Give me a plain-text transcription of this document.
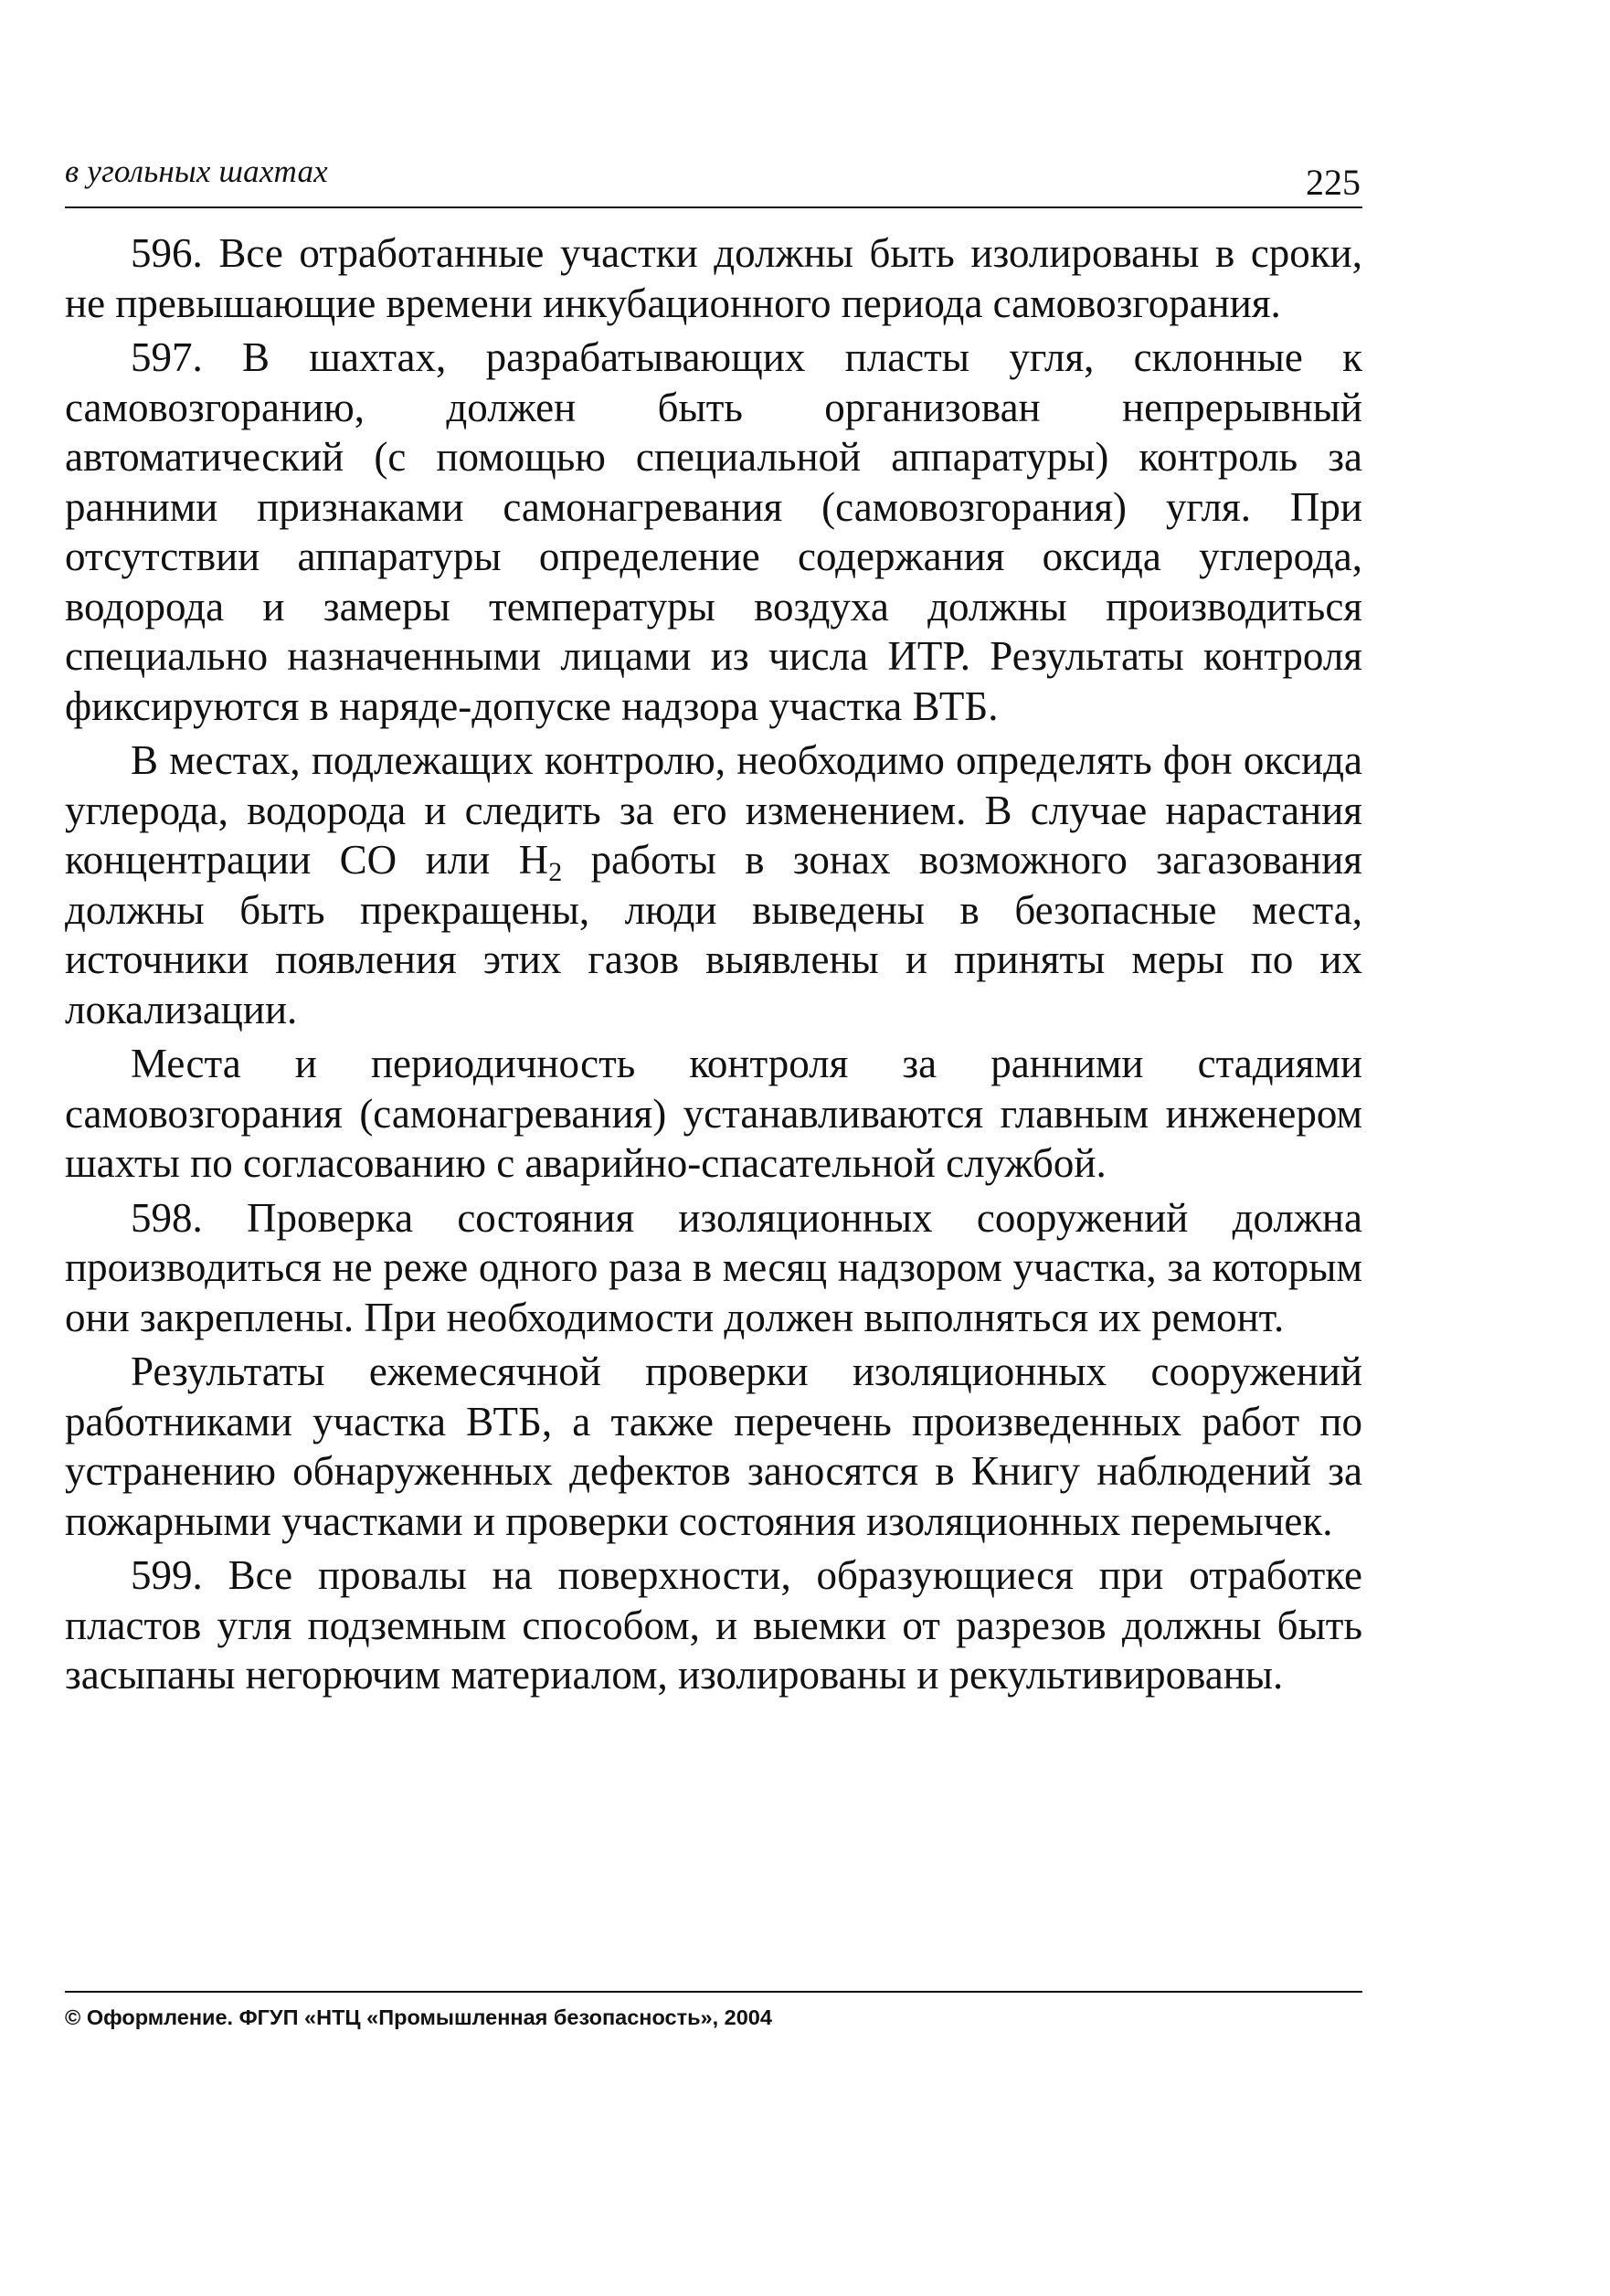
в угольных шахтах	225

596. Все отработанные участки должны быть изолированы в сроки, не превышающие времени инкубационного периода самовозгорания.

597. В шахтах, разрабатывающих пласты угля, склонные к самовозгоранию, должен быть организован непрерывный автоматический (с помощью специальной аппаратуры) контроль за ранними признаками самонагревания (самовозгорания) угля. При отсутствии аппаратуры определение содержания оксида углерода, водорода и замеры температуры воздуха должны производиться специально назначенными лицами из числа ИТР. Результаты контроля фиксируются в наряде-допуске надзора участка ВТБ.

В местах, подлежащих контролю, необходимо определять фон оксида углерода, водорода и следить за его изменением. В случае нарастания концентрации СО или $Н_2$ работы в зонах возможного загазования должны быть прекращены, люди выведены в безопасные места, источники появления этих газов выявлены и приняты меры по их локализации.

Места и периодичность контроля за ранними стадиями самовозгорания (самонагревания) устанавливаются главным инженером шахты по согласованию с аварийно-спасательной службой.

598. Проверка состояния изоляционных сооружений должна производиться не реже одного раза в месяц надзором участка, за которым они закреплены. При необходимости должен выполняться их ремонт.

Результаты ежемесячной проверки изоляционных сооружений работниками участка ВТБ, а также перечень произведенных работ по устранению обнаруженных дефектов заносятся в Книгу наблюдений за пожарными участками и проверки состояния изоляционных перемычек.

599. Все провалы на поверхности, образующиеся при отработке пластов угля подземным способом, и выемки от разрезов должны быть засыпаны негорючим материалом, изолированы и рекультивированы.

© Оформление. ФГУП «НТЦ «Промышленная безопасность», 2004
